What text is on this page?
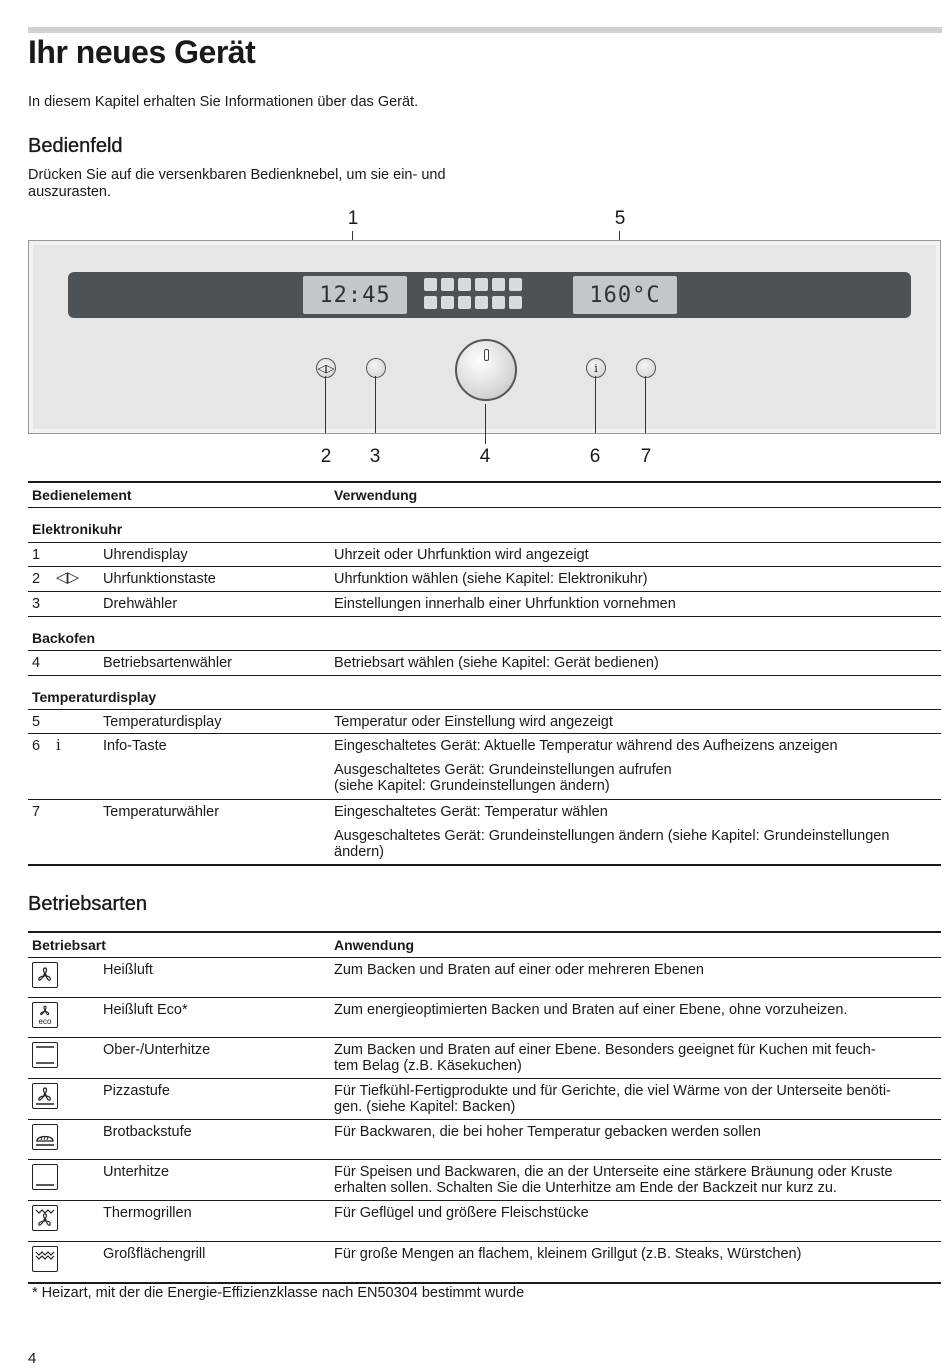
Ihr neues Gerät
In diesem Kapitel erhalten Sie Informationen über das Gerät.
Bedienfeld
Drücken Sie auf die versenkbaren Bedienknebel, um sie ein- und auszurasten.
1	5
12:45	160°C
◁▷	i
2 3	4	6 7
Bedienelement	Verwendung
Elektronikuhr
1	Uhrendisplay	Uhrzeit oder Uhrfunktion wird angezeigt
2 ◁▷ Uhrfunktionstaste	Uhrfunktion wählen (siehe Kapitel: Elektronikuhr)
3	Drehwähler	Einstellungen innerhalb einer Uhrfunktion vornehmen
Backofen
4	Betriebsartenwähler	Betriebsart wählen (siehe Kapitel: Gerät bedienen)
Temperaturdisplay
5	Temperaturdisplay	Temperatur oder Einstellung wird angezeigt
6 i	Info-Taste	Eingeschaltetes Gerät: Aktuelle Temperatur während des Aufheizens anzeigen
Ausgeschaltetes Gerät: Grundeinstellungen aufrufen
(siehe Kapitel: Grundeinstellungen ändern)
7	Temperaturwähler	Eingeschaltetes Gerät: Temperatur wählen
Ausgeschaltetes Gerät: Grundeinstellungen ändern (siehe Kapitel: Grundeinstellungen
ändern)
Betriebsarten
Betriebsart	Anwendung
Heißluft	Zum Backen und Braten auf einer oder mehreren Ebenen
eco
Heißluft Eco*	Zum energieoptimierten Backen und Braten auf einer Ebene, ohne vorzuheizen.
Ober-/Unterhitze	Zum Backen und Braten auf einer Ebene. Besonders geeignet für Kuchen mit feuch-
tem Belag (z.B. Käsekuchen)
Pizzastufe	Für Tiefkühl-Fertigprodukte und für Gerichte, die viel Wärme von der Unterseite benöti-
gen. (siehe Kapitel: Backen)
Brotbackstufe	Für Backwaren, die bei hoher Temperatur gebacken werden sollen
Unterhitze	Für Speisen und Backwaren, die an der Unterseite eine stärkere Bräunung oder Kruste
erhalten sollen. Schalten Sie die Unterhitze am Ende der Backzeit nur kurz zu.
Thermogrillen	Für Geflügel und größere Fleischstücke
Großflächengrill	Für große Mengen an flachem, kleinem Grillgut (z.B. Steaks, Würstchen)
* Heizart, mit der die Energie-Effizienzklasse nach EN50304 bestimmt wurde
4
